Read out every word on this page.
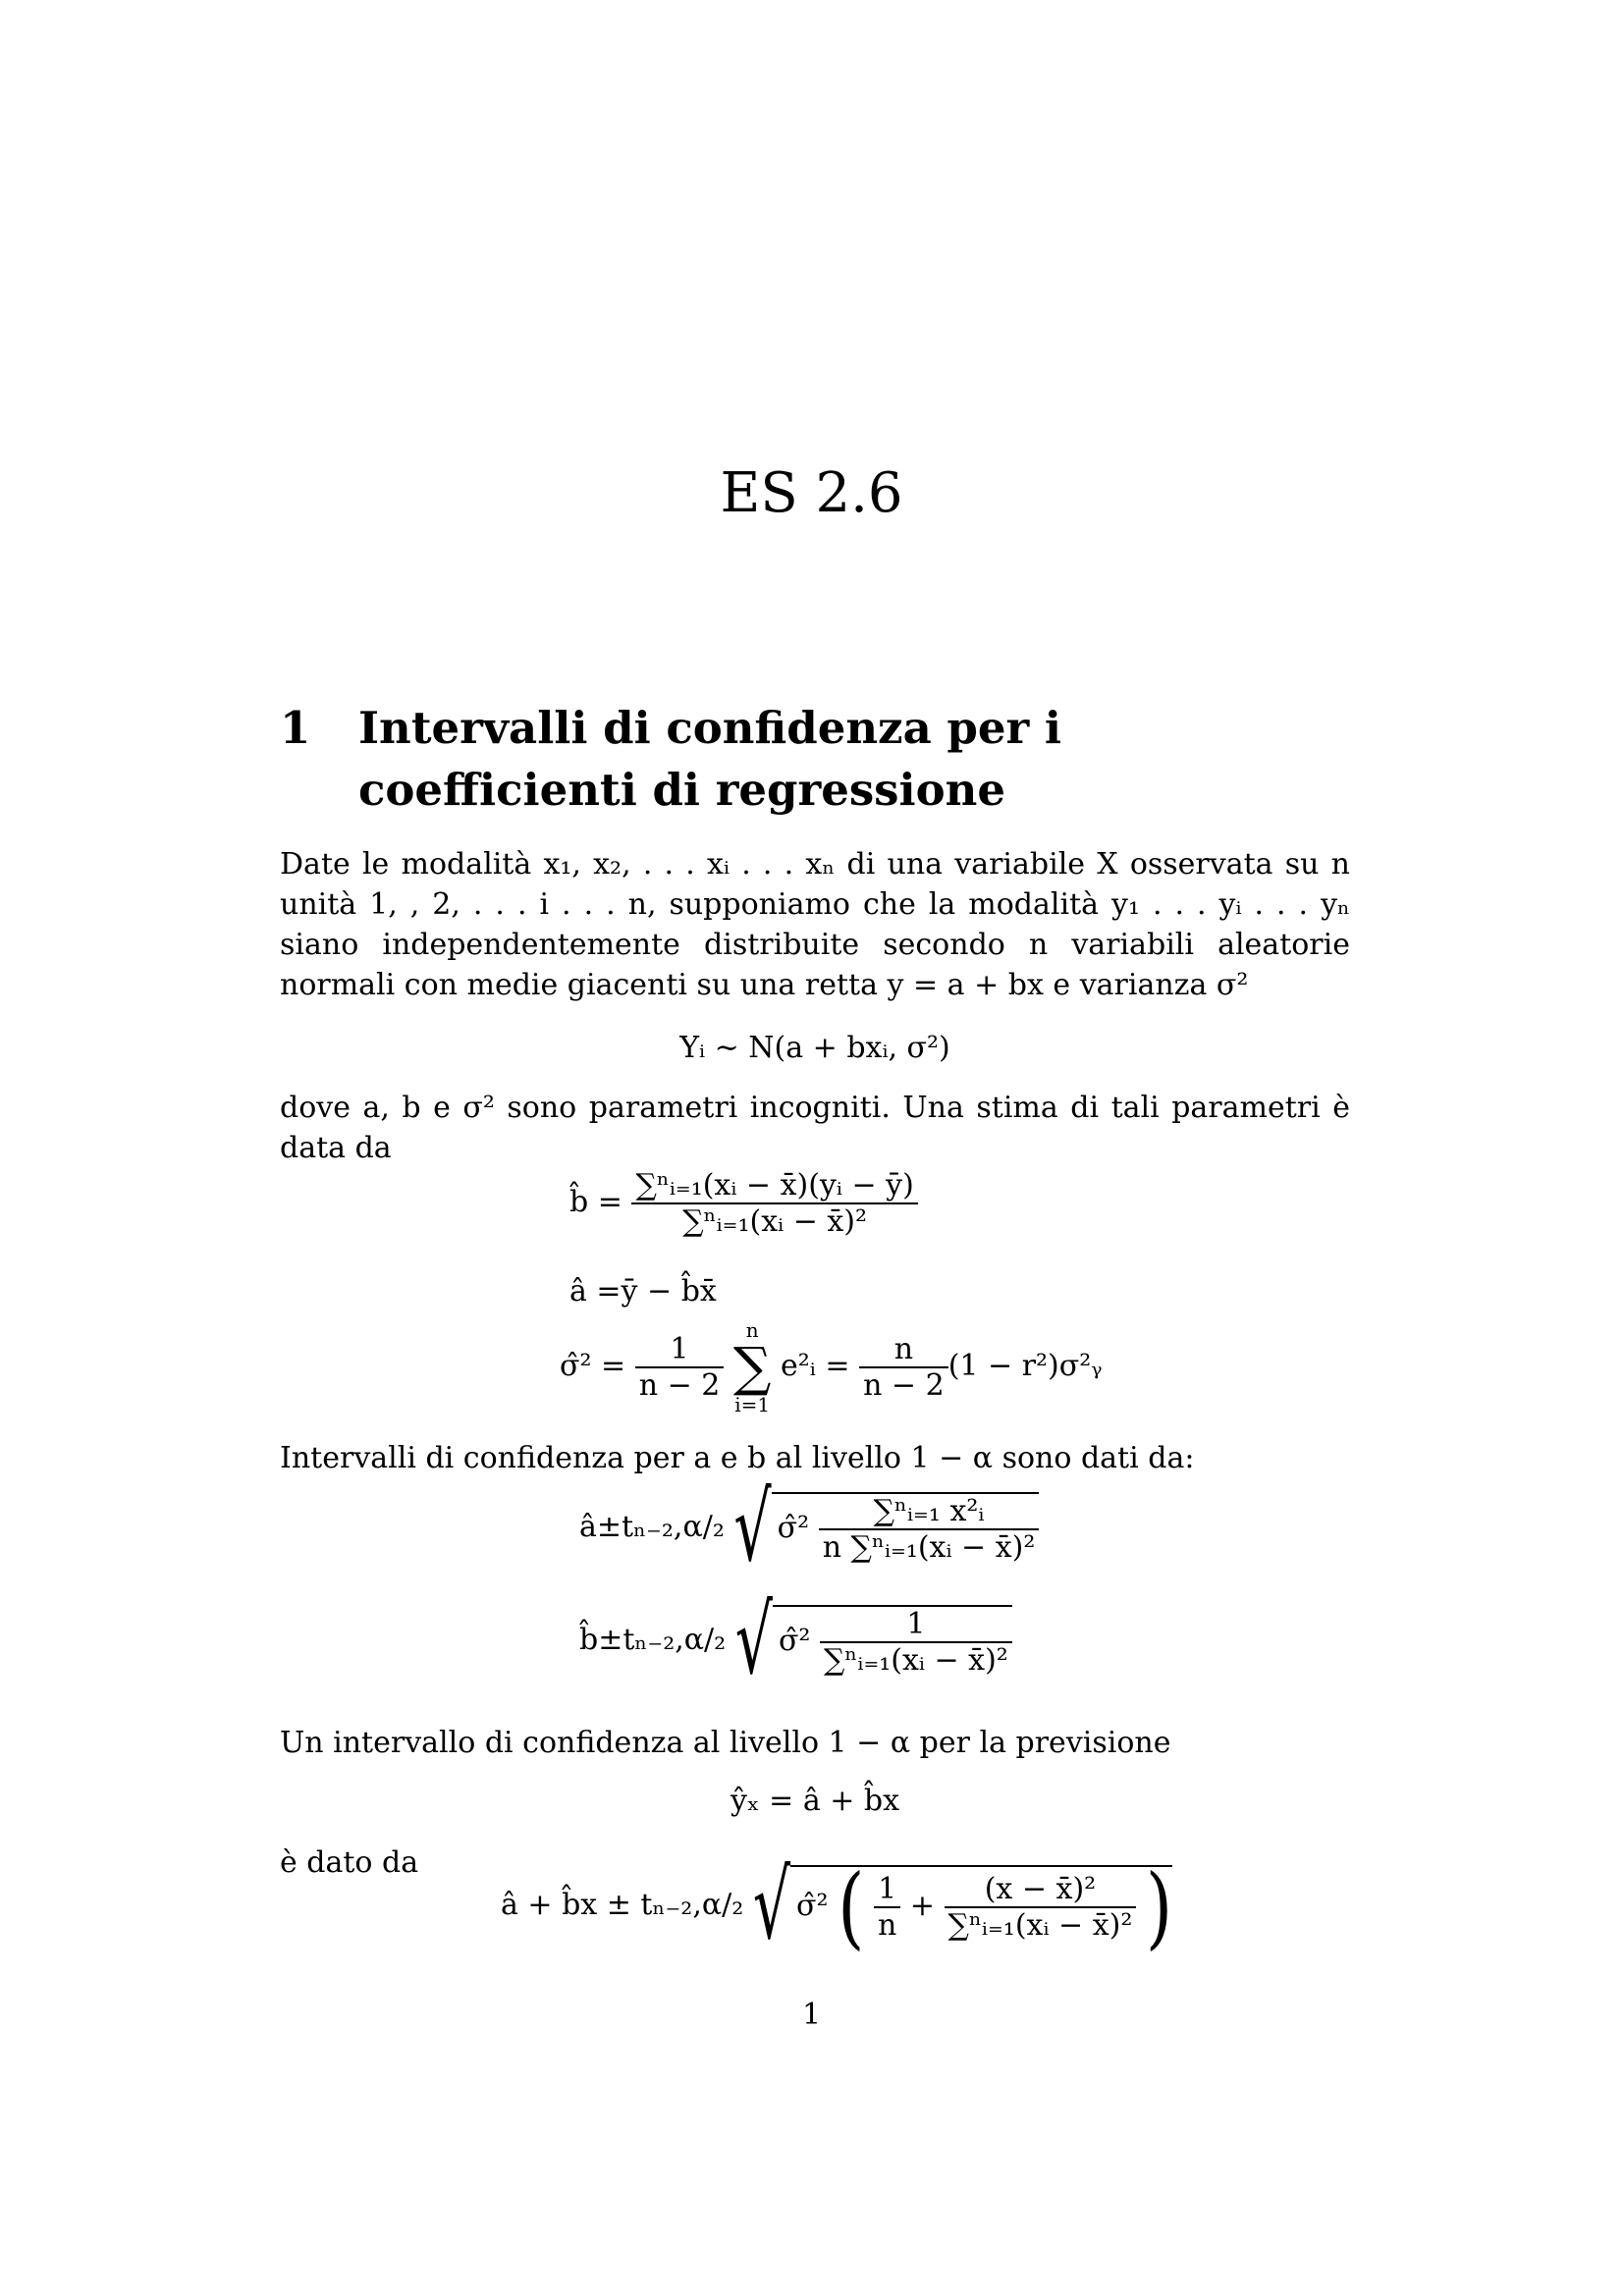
ES 2.6
1 Intervalli di confidenza per i coefficienti di regressione
Date le modalità x₁, x₂, . . . xᵢ . . . xₙ di una variabile X osservata su n unità 1, , 2, . . . i . . . n, supponiamo che la modalità y₁ . . . yᵢ . . . yₙ siano independentemente distribuite secondo n variabili aleatorie normali con medie giacenti su una retta y = a + bx e varianza σ²
Yᵢ ∼ N(a + bxᵢ, σ²)
dove a, b e σ² sono parametri incogniti. Una stima di tali parametri è data da
b̂ = $\frac{\text{∑ⁿᵢ₌₁(xᵢ − x̄)(yᵢ − ȳ)}}{\text{∑ⁿᵢ₌₁(xᵢ − x̄)²}}$
â =ȳ − b̂x̄
σ̂² = $\frac{1}{n - 2}$
n
∑
i=1 e²ᵢ = $\frac{n}{n - 2} (1$ − r²)σ²ᵧ
Intervalli di confidenza per a e b al livello 1 − α sono dati da:
â±tₙ₋₂,α/₂ √ σ̂² $\frac{\text{∑ⁿᵢ₌₁ x²ᵢ}}{\text{n ∑ⁿᵢ₌₁(xᵢ − x̄)²}}$
b̂±tₙ₋₂,α/₂ √ σ̂² $\frac{1}{\text{∑ⁿᵢ₌₁(xᵢ − x̄)²}}$
Un intervallo di confidenza al livello 1 − α per la previsione
ŷₓ = â + b̂x
è dato da
â + b̂x ± tₙ₋₂,α/₂ √ σ̂² ( $\frac{1}{n} + \frac{\text{(x − x̄)²}}{\text{∑ⁿᵢ₌₁(xᵢ − x̄)²}}$ )
1
